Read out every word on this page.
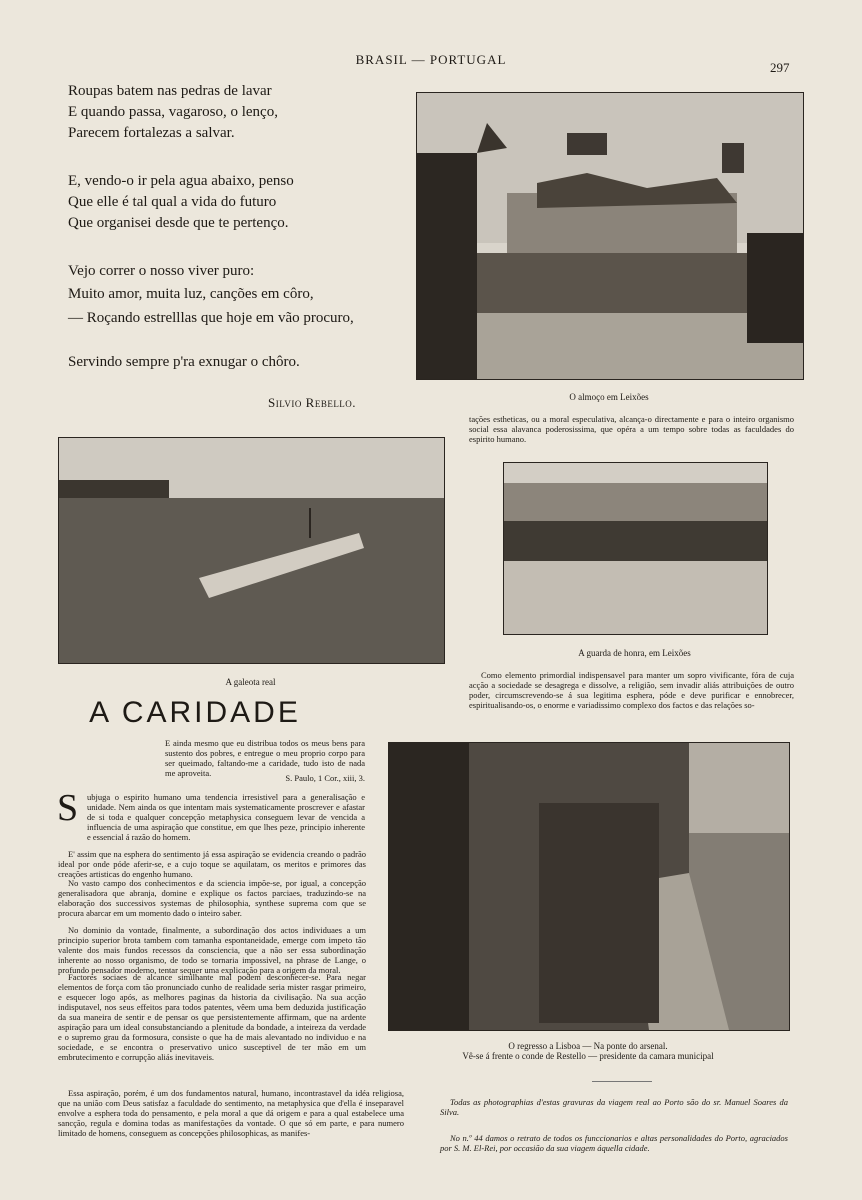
BRASIL — PORTUGAL
297
Roupas batem nas pedras de lavar
E quando passa, vagaroso, o lenço,
Parecem fortalezas a salvar.
E, vendo-o ir pela agua abaixo, penso
Que elle é tal qual a vida do futuro
Que organisei desde que te pertenço.
Vejo correr o nosso viver puro:
Muito amor, muita luz, canções em côro,
— Roçando estrelllas que hoje em vão procuro,
Servindo sempre p'ra exnugar o chôro.
Silvio Rebello.	O almoço em Leixões
tações estheticas, ou a moral especulativa, alcança-o directamente e para o inteiro organismo social essa alavanca poderosissima, que opéra a um tempo sobre todas as faculdades do espirito humano.
A galeota real
A guarda de honra, em Leixões
Como elemento primordial indispensavel para manter um sopro vivificante, fóra de cuja acção a sociedade se desagrega e dissolve, a religião, sem invadir aliás attribuições de outro poder, circumscrevendo-se á sua legitima esphera, póde e deve purificar e ennobrecer, espiritualisando-os, o enorme e variadissimo complexo dos factos e das relações so-
A CARIDADE
E ainda mesmo que eu distribua todos os meus bens para sustento dos pobres, e entregue o meu proprio corpo para ser queimado, faltando-me a caridade, tudo isto de nada me aproveita.	S. Paulo, 1 Cor., xiii, 3.
O regresso a Lisboa — Na ponte do arsenal.
Vê-se á frente o conde de Restello — presidente da camara municipal
S ubjuga o espirito humano uma tendencia irresistivel para a generalisação e unidade. Nem ainda os que intentam mais systematicamente proscrever e afastar de si toda e qualquer concepção metaphysica conseguem levar de vencida a influencia de uma aspiração que constitue, em que lhes peze, principio inherente e essencial á razão do homem.
E' assim que na esphera do sentimento já essa aspiração se evidencia creando o padrão ideal por onde póde aferir-se, e a cujo toque se aquilatam, os meritos e primores das creações artisticas do engenho humano.
No vasto campo dos conhecimentos e da sciencia impõe-se, por igual, a concepção generalisadora que abranja, domine e explique os factos parciaes, traduzindo-se na elaboração dos successivos systemas de philosophia, synthese suprema com que se procura abarcar em um momento dado o inteiro saber.
No dominio da vontade, finalmente, a subordinação dos actos individuaes a um principio superior brota tambem com tamanha espontaneidade, emerge com impeto tão valente dos mais fundos recessos da consciencia, que a não ser essa subordinação inherente ao nosso organismo, de todo se tornaria impossivel, na phrase de Lange, o profundo pensador moderno, tentar sequer uma explicação para a origem da moral.
Factores sociaes de alcance similhante mal podem desconhecer-se. Para negar elementos de força com tão pronunciado cunho de realidade seria mister rasgar primeiro, e esquecer logo após, as melhores paginas da historia da civilisação. Na sua acção indisputavel, nos seus effeitos para todos patentes, vêem uma bem deduzida justificação da sua maneira de sentir e de pensar os que persistentemente affirmam, que na ardente aspiração para um ideal consubstanciando a plenitude da bondade, a inteireza da verdade e o supremo grau da formosura, consiste o que ha de mais alevantado no individuo e na sociedade, e se encontra o preservativo unico susceptivel de ter mão em um embrutecimento e corrupção aliás inevitaveis.
Essa aspiração, porém, é um dos fundamentos natural, humano, incontrastavel da idéa religiosa, que na união com Deus satisfaz a faculdade do sentimento, na metaphysica que d'ella é inseparavel envolve a esphera toda do pensamento, e pela moral a que dá origem e para a qual estabelece uma sancção, regula e domina todas as manifestações da vontade. O que só em parte, e para numero limitado de homens, conseguem as concepções philosophicas, as manifes-
Todas as photographias d'estas gravuras da viagem real ao Porto são do sr. Manuel Soares da Silva.
No n.º 44 damos o retrato de todos os funccionarios e altas personalidades do Porto, agraciados por S. M. El-Rei, por occasião da sua viagem áquella cidade.
